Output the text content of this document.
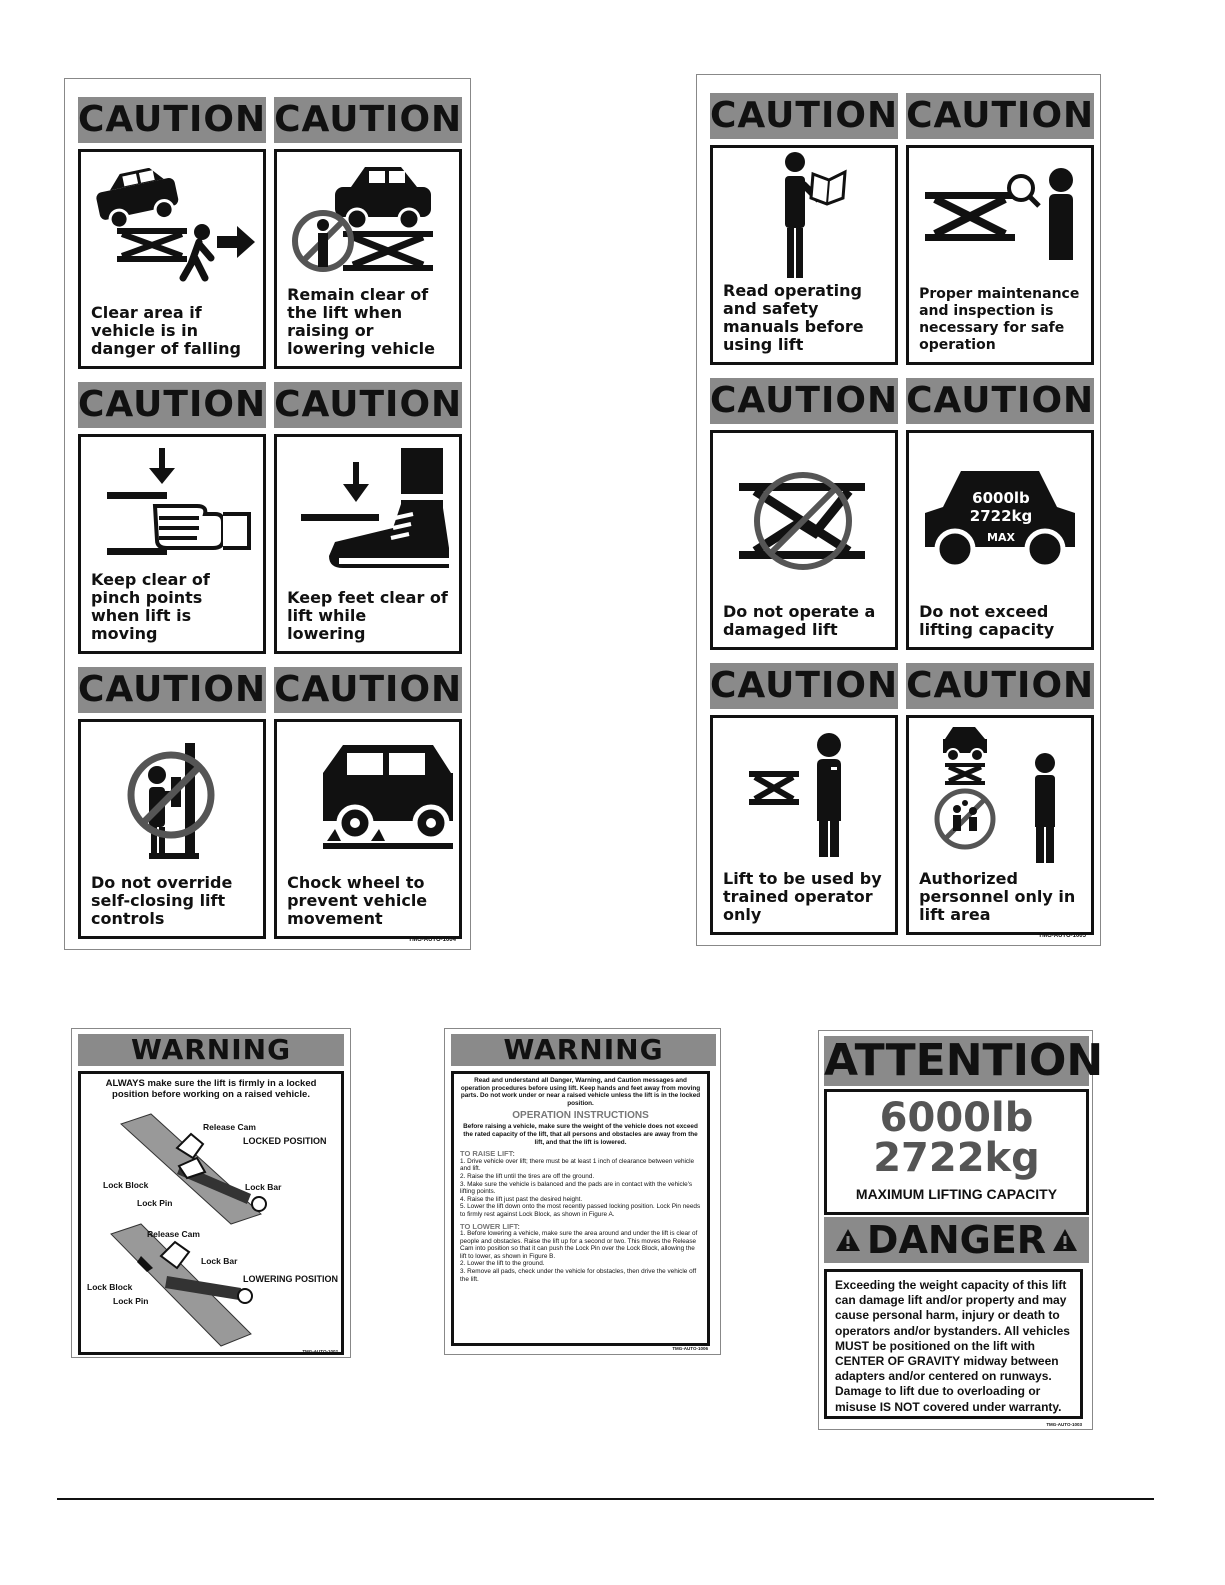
CAUTION
Clear area if vehicle is in danger of falling
CAUTION
Remain clear of the lift when raising or lowering vehicle
CAUTION
Keep clear of pinch points when lift is moving
CAUTION
Keep feet clear of lift while lowering
CAUTION
Do not override self-closing lift controls
CAUTION
Chock wheel to prevent vehicle movement
TMG-AUTO-1004
CAUTION
Read operating and safety manuals before using lift
CAUTION
Proper maintenance and inspection is necessary for safe operation
CAUTION
Do not operate a damaged lift
CAUTION
6000lb
2722kg
MAX
Do not exceed lifting capacity
CAUTION
Lift to be used by trained operator only
CAUTION
Authorized personnel only in lift area
TMG-AUTO-1005
WARNING
ALWAYS make sure the lift is firmly in a locked position before working on a raised vehicle.
Release Cam
LOCKED POSITION
Lock Block	Lock Bar
Lock Pin
Release Cam
Lock Bar
LOWERING POSITION
Lock Block
Lock Pin
TMG-AUTO-1002
WARNING

Read and understand all Danger, Warning, and Caution messages and operation procedures before using lift. Keep hands and feet away from moving parts. Do not work under or near a raised vehicle unless the lift is in the locked position.

OPERATION INSTRUCTIONS

Before raising a vehicle, make sure the weight of the vehicle does not exceed the rated capacity of the lift, that all persons and obstacles are away from the lift, and that the lift is lowered.

TO RAISE LIFT:

1. Drive vehicle over lift; there must be at least 1 inch of clearance between vehicle and lift.

2. Raise the lift until the tires are off the ground.

3. Make sure the vehicle is balanced and the pads are in contact with the vehicle's lifting points.

4. Raise the lift just past the desired height.

5. Lower the lift down onto the most recently passed locking position. Lock Pin needs to firmly rest against Lock Block, as shown in Figure A.

TO LOWER LIFT:

1. Before lowering a vehicle, make sure the area around and under the lift is clear of people and obstacles. Raise the lift up for a second or two. This moves the Release Cam into position so that it can push the Lock Pin over the Lock Block, allowing the lift to lower, as shown in Figure B.

2. Lower the lift to the ground.

3. Remove all pads, check under the vehicle for obstacles, then drive the vehicle off the lift.

TMG-AUTO-1006
ATTENTION
6000lb
2722kg
MAXIMUM LIFTING CAPACITY
DANGER
Exceeding the weight capacity of this lift can damage lift and/or property and may cause personal harm, injury or death to operators and/or bystanders. All vehicles MUST be positioned on the lift with CENTER OF GRAVITY midway between adapters and/or centered on runways. Damage to lift due to overloading or misuse IS NOT covered under warranty.
TMG-AUTO-1003
